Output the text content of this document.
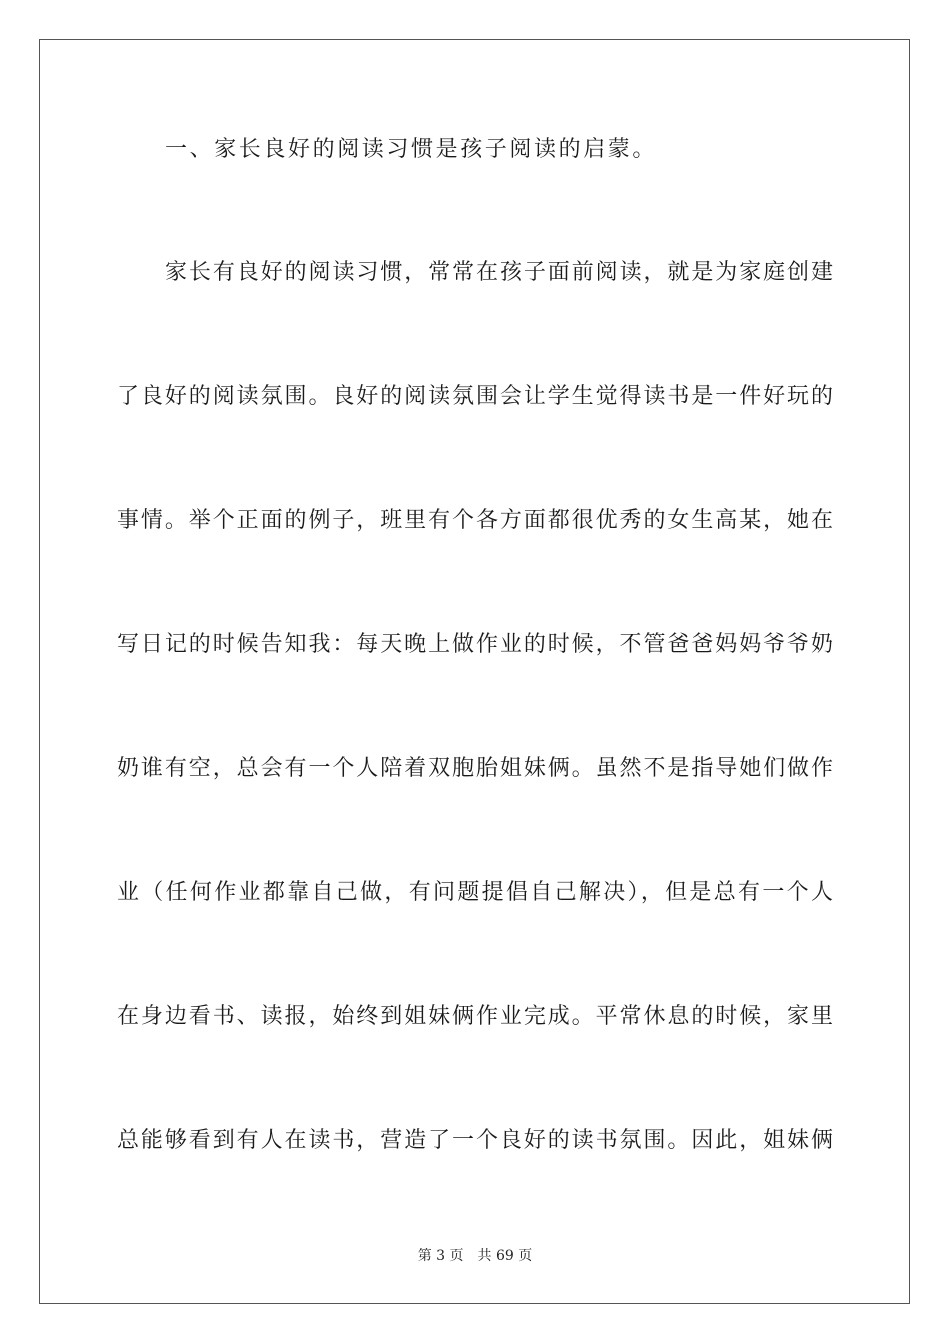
一、家长良好的阅读习惯是孩子阅读的启蒙。
家长有良好的阅读习惯，常常在孩子面前阅读，就是为家庭创建
了良好的阅读氛围。良好的阅读氛围会让学生觉得读书是一件好玩的
事情。举个正面的例子，班里有个各方面都很优秀的女生高某，她在
写日记的时候告知我：每天晚上做作业的时候，不管爸爸妈妈爷爷奶
奶谁有空，总会有一个人陪着双胞胎姐妹俩。虽然不是指导她们做作
业（任何作业都靠自己做，有问题提倡自己解决），但是总有一个人
在身边看书、读报，始终到姐妹俩作业完成。平常休息的时候，家里
总能够看到有人在读书，营造了一个良好的读书氛围。因此，姐妹俩
第 3 页 共 69 页
